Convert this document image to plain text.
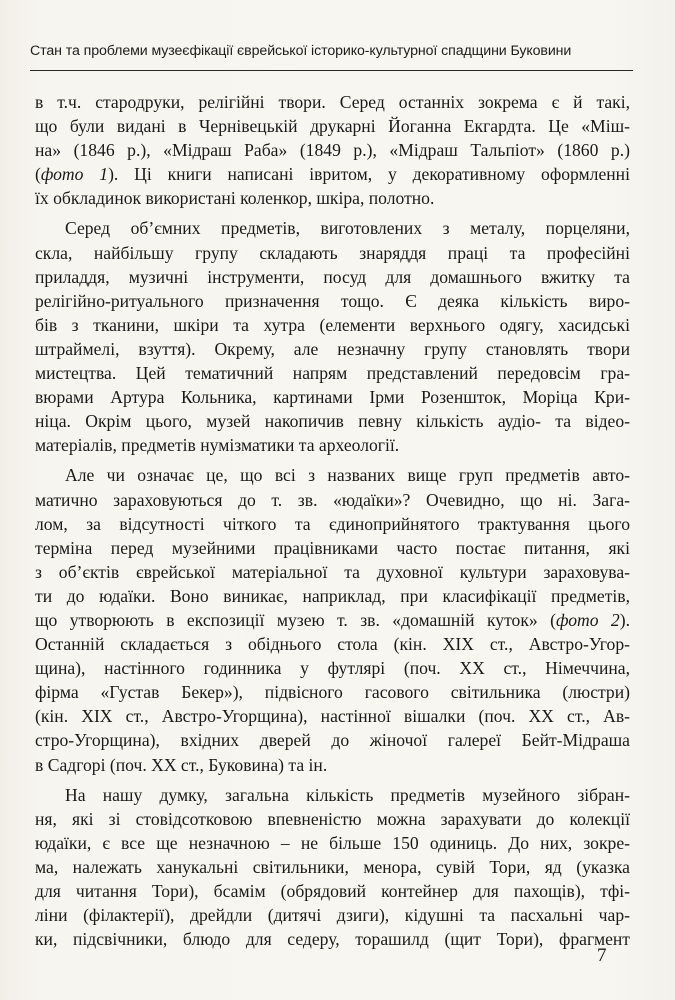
Стан та проблеми музеєфікації єврейської історико-культурної спадщини Буковини
в т.ч. стародруки, релігійні твори. Серед останніх зокрема є й такі,
що були видані в Чернівецькій друкарні Йоганна Екгардта. Це «Міш-
на» (1846 р.), «Мідраш Раба» (1849 р.), «Мідраш Тальпіот» (1860 р.)
(фото 1). Ці книги написані івритом, у декоративному оформленні
їх обкладинок використані коленкор, шкіра, полотно.
Серед об’ємних предметів, виготовлених з металу, порцеляни,
скла, найбільшу групу складають знаряддя праці та професійні
приладдя, музичні інструменти, посуд для домашнього вжитку та
релігійно-ритуального призначення тощо. Є деяка кількість виро-
бів з тканини, шкіри та хутра (елементи верхнього одягу, хасидські
штраймелі, взуття). Окрему, але незначну групу становлять твори
мистецтва. Цей тематичний напрям представлений передовсім гра-
вюрами Артура Кольника, картинами Ірми Розеншток, Моріца Кри-
ніца. Окрім цього, музей накопичив певну кількість аудіо- та відео-
матеріалів, предметів нумізматики та археології.
Але чи означає це, що всі з названих вище груп предметів авто-
матично зараховуються до т. зв. «юдаїки»? Очевидно, що ні. Зага-
лом, за відсутності чіткого та єдиноприйнятого трактування цього
терміна перед музейними працівниками часто постає питання, які
з об’єктів єврейської матеріальної та духовної культури зараховува-
ти до юдаїки. Воно виникає, наприклад, при класифікації предметів,
що утворюють в експозиції музею т. зв. «домашній куток» (фото 2).
Останній складається з обіднього стола (кін. XIX ст., Австро-Угор-
щина), настінного годинника у футлярі (поч. XX ст., Німеччина,
фірма «Густав Бекер»), підвісного гасового світильника (люстри)
(кін. XIX ст., Австро-Угорщина), настінної вішалки (поч. XX ст., Ав-
стро-Угорщина), вхідних дверей до жіночої галереї Бейт-Мідраша
в Садгорі (поч. XX ст., Буковина) та ін.
На нашу думку, загальна кількість предметів музейного зібран-
ня, які зі стовідсотковою впевненістю можна зарахувати до колекції
юдаїки, є все ще незначною – не більше 150 одиниць. До них, зокре-
ма, належать ханукальні світильники, менора, сувій Тори, яд (указка
для читання Тори), бсамім (обрядовий контейнер для пахощів), тфі-
ліни (філактерії), дрейдли (дитячі дзиги), кідушні та пасхальні чар-
ки, підсвічники, блюдо для седеру, торашилд (щит Тори), фрагмент
7
